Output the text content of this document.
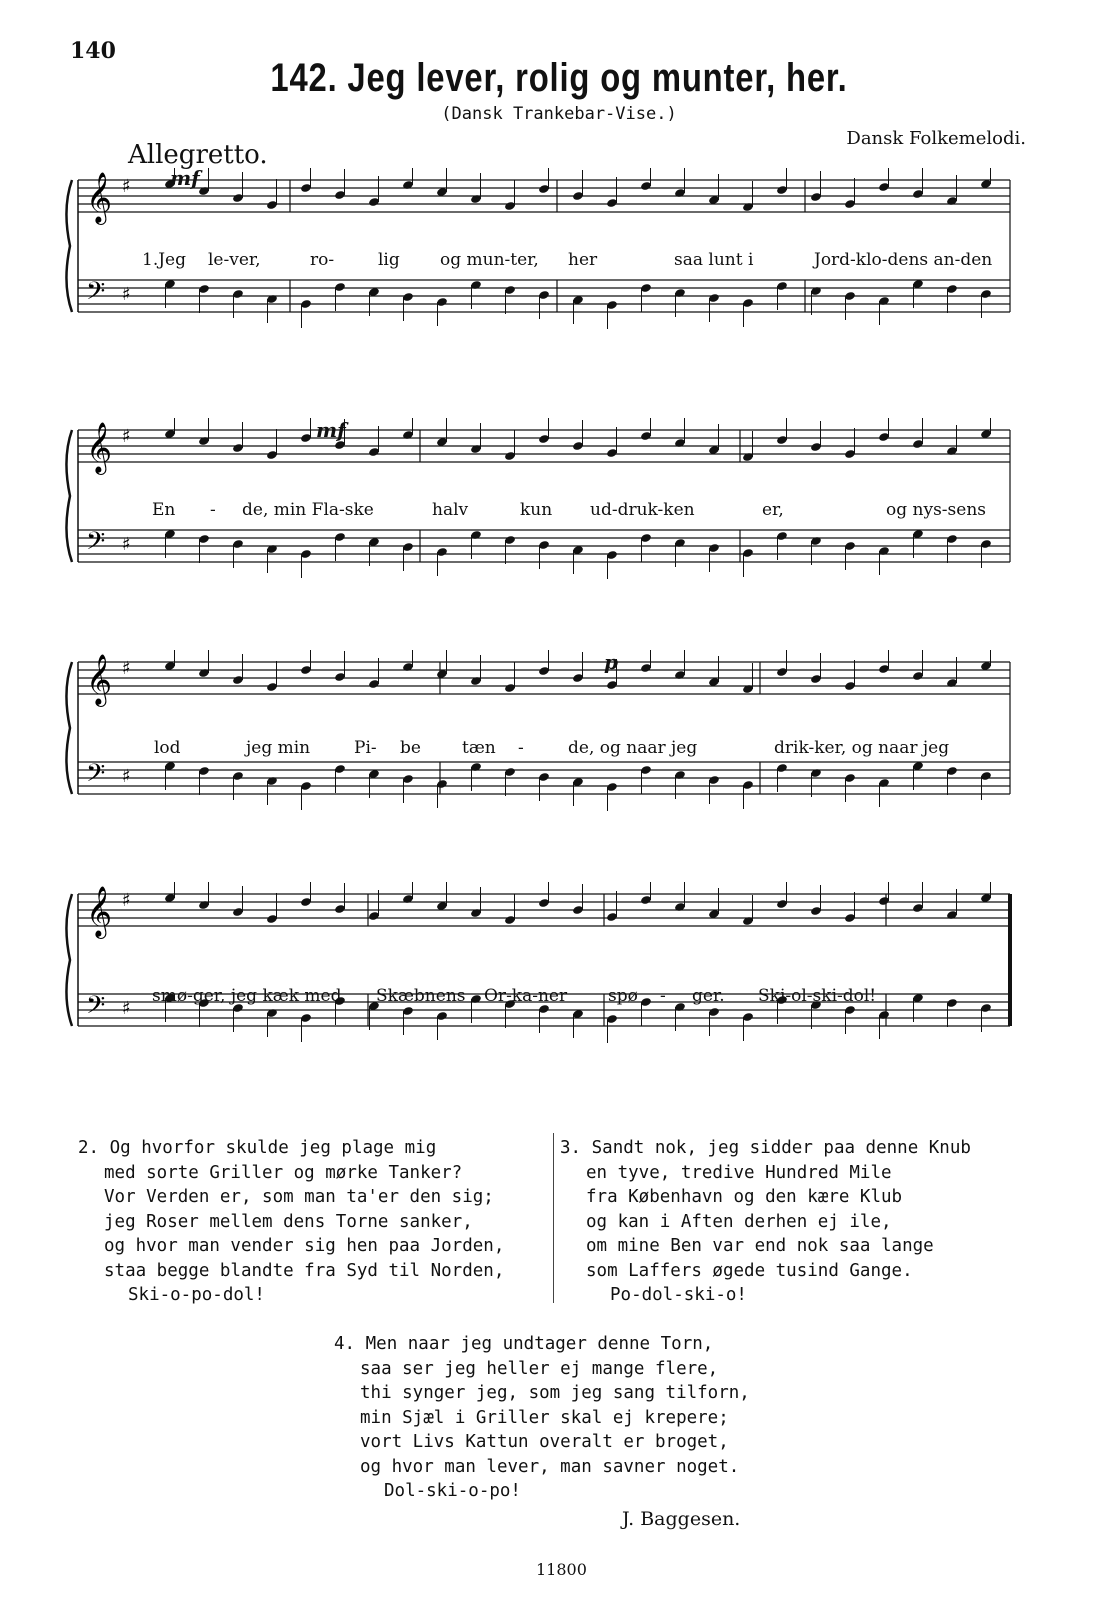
140
142. Jeg lever, rolig og munter, her.
(Dansk Trankebar-Vise.)
Dansk Folkemelodi.
Allegretto.
𝄞 ♯
𝄢 ♯
1.Jeg le-ver,	ro-	lig og mun-ter, her	saa lunt i	Jord-klo-dens an-den
mf
𝄞 ♯
𝄢 ♯
En - de, min Fla-ske	halv	kun ud-druk-ken	er,	og nys-sens
mf
𝄞 ♯
𝄢 ♯
lod	jeg min	Pi- be tæn -	de, og naar jeg	drik-ker, og naar jeg
p
𝄞 ♯
𝄢 ♯
smø-ger, jeg kæk med Skæbnens Or-ka-ner spø - ger. Ski-ol-ski-dol!
2. Og hvorfor skulde jeg plage mig
med sorte Griller og mørke Tanker?
Vor Verden er, som man ta'er den sig;
jeg Roser mellem dens Torne sanker,
og hvor man vender sig hen paa Jorden,
staa begge blandte fra Syd til Norden,
Ski-o-po-dol!
3. Sandt nok, jeg sidder paa denne Knub
en tyve, tredive Hundred Mile
fra København og den kære Klub
og kan i Aften derhen ej ile,
om mine Ben var end nok saa lange
som Laffers øgede tusind Gange.
Po-dol-ski-o!
4. Men naar jeg undtager denne Torn,
saa ser jeg heller ej mange flere,
thi synger jeg, som jeg sang tilforn,
min Sjæl i Griller skal ej krepere;
vort Livs Kattun overalt er broget,
og hvor man lever, man savner noget.
Dol-ski-o-po!
J. Baggesen.
11800
